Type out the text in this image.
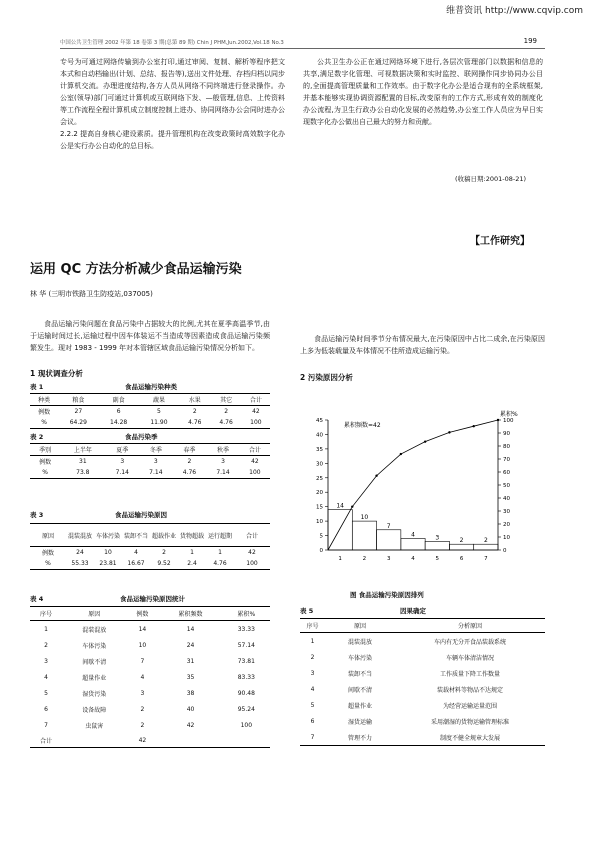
维普资讯 http://www.cqvip.com
中国公共卫生管理 2002 年第 18 卷第 3 期(总第 89 期) Chin J PHM,Jun.2002,Vol.18 No.3	199

专号为可通过网络传输到办公室打印,通过审阅、复制、解析等程序把文本式和自动档输出(计划、总结、报告等),送出文件处理、存档归档以同步计算机交流。办理进度结构,各方人员从网络不同终端进行登录操作。办公室(领导)部门可通过计算机或互联网络下发、—般管理,信息、上传资料等工作流程全程计算机成立制度控制上进办、协同网络办公会同时进办公会议。

2.2.2 提高自身核心建设素质。提升管理机构在改变政策时高效数字化办公是实行办公自动化的总目标。

公共卫生办公正在通过网络环境下进行,各层次管理部门以数据和信息的共享,满足数字化管理、可视数据决策和实时监控、联网操作同步协同办公目的,全面提高管理质量和工作效率。由于数字化办公是适合现有的全系统框架,并基本能够实现协调资源配置的目标,改变原有的工作方式,形成有效的制度化办公流程,为卫生行政办公自动化发展的必然趋势,办公室工作人员应为早日实现数字化办公做出自己最大的努力和贡献。

(收稿日期:2001-08-21)
【工作研究】
运用 QC 方法分析减少食品运输污染
林 华 (三明市铁路卫生防疫站,037005)
食品运输污染问题在食品污染中占据较大的比例,尤其在夏季高温季节,由于运输时间过长,运输过程中因车体装运不当造成等因素造成食品运输污染频繁发生。现对 1983 - 1999 年对本管辖区域食品运输污染情况分析如下。
1 现状调查分析
表 1	食品运输污染种类
种类	粮食	副食	蔬果	水果	其它	合计
例数	27	6	5	2	2	42
%	64.29	14.28	11.90	4.76	4.76	100
表 2	食品污染季
季别	上半年	夏季	冬季	春季	秋季	合计
例数	31	3	3	2	3	42
%	73.8	7.14	7.14	4.76	7.14	100
表 3	食品运输污染原因
原因	混装混放	车体污染	装卸不当	超载作业	货物超载	运行超期	合计
例数	24	10	4	2	1	1	42
%	55.33	23.81	16.67	9.52	2.4	4.76	100
表 4	食品运输污染原因统计
序号	原因	例数	累积频数	累积%
1	混装混放	14	14	33.33
2	车体污染	10	24	57.14
3	间歇不清	7	31	73.81
4	超量作业	4	35	83.33
5	湿货污染	3	38	90.48
6	设备故障	2	40	95.24
7	虫鼠害	2	42	100
合计		42		
食品运输污染时间季节分布情况最大,在污染原因中占比二成余,在污染原因上多为低装载量及车体情况不佳所造成运输污染。
2 污染原因分析
14
10
7
4	3	2	2
0
5
10
15
20
25
30
35
40
45
0
10
20
30
40
50
60
70
80
90
100
1	2	3	4	5	6	7
累积频数=42
累积%
图 食品运输污染原因排列
表 5	因果确定
序号	原因	分析原因
1	混装混放	车内有无分开食品装载系统
2	车体污染	车辆车体清洁情况
3	装卸不当	工作质量下降工作数量
4	间歇不清	装载材料等物品不达规定
5	超量作业	为经营运输运量范围
6	湿货运输	采用潮湿的货物运输管理标准
7	管理不力	制度不健全规章大发展
